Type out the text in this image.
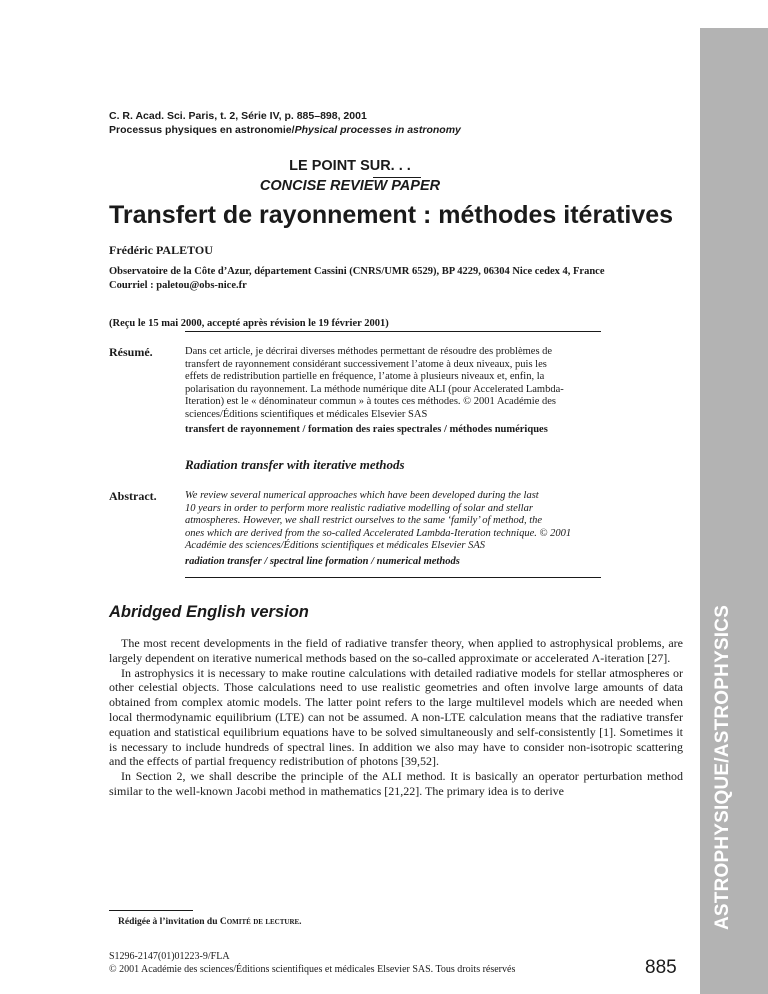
ASTROPHYSIQUE/ASTROPHYSICS
C. R. Acad. Sci. Paris, t. 2, Série IV, p. 885–898, 2001
Processus physiques en astronomie/Physical processes in astronomy
LE POINT SUR. . .
CONCISE REVIEW PAPER
Transfert de rayonnement : méthodes itératives
Frédéric PALETOU
Observatoire de la Côte d’Azur, département Cassini (CNRS/UMR 6529), BP 4229, 06304 Nice cedex 4, France
Courriel : paletou@obs-nice.fr
(Reçu le 15 mai 2000, accepté après révision le 19 février 2001)
Résumé.	Dans cet article, je décrirai diverses méthodes permettant de résoudre des problèmes de
transfert de rayonnement considérant successivement l’atome à deux niveaux, puis les
effets de redistribution partielle en fréquence, l’atome à plusieurs niveaux et, enfin, la
polarisation du rayonnement. La méthode numérique dite ALI (pour Accelerated Lambda-
Iteration) est le « dénominateur commun » à toutes ces méthodes. © 2001 Académie des
sciences/Éditions scientifiques et médicales Elsevier SAS
transfert de rayonnement / formation des raies spectrales / méthodes numériques
Radiation transfer with iterative methods
Abstract.	We review several numerical approaches which have been developed during the last
10 years in order to perform more realistic radiative modelling of solar and stellar
atmospheres. However, we shall restrict ourselves to the same ‘family’ of method, the
ones which are derived from the so-called Accelerated Lambda-Iteration technique. © 2001
Académie des sciences/Éditions scientifiques et médicales Elsevier SAS
radiation transfer / spectral line formation / numerical methods
Abridged English version

The most recent developments in the field of radiative transfer theory, when applied to astrophysical problems, are largely dependent on iterative numerical methods based on the so-called approximate or accelerated Λ-iteration [27].

In astrophysics it is necessary to make routine calculations with detailed radiative models for stellar atmospheres or other celestial objects. Those calculations need to use realistic geometries and often involve large amounts of data obtained from complex atomic models. The latter point refers to the large multilevel models which are needed when local thermodynamic equilibrium (LTE) can not be assumed. A non-LTE calculation means that the radiative transfer equation and statistical equilibrium equations have to be solved simultaneously and self-consistently [1]. Sometimes it is necessary to include hundreds of spectral lines. In addition we also may have to consider non-isotropic scattering and the effects of partial frequency redistribution of photons [39,52].

In Section 2, we shall describe the principle of the ALI method. It is basically an operator perturbation method similar to the well-known Jacobi method in mathematics [21,22]. The primary idea is to derive

Rédigée à l’invitation du Comité de lecture.
S1296-2147(01)01223-9/FLA
© 2001 Académie des sciences/Éditions scientifiques et médicales Elsevier SAS. Tous droits réservés	885
